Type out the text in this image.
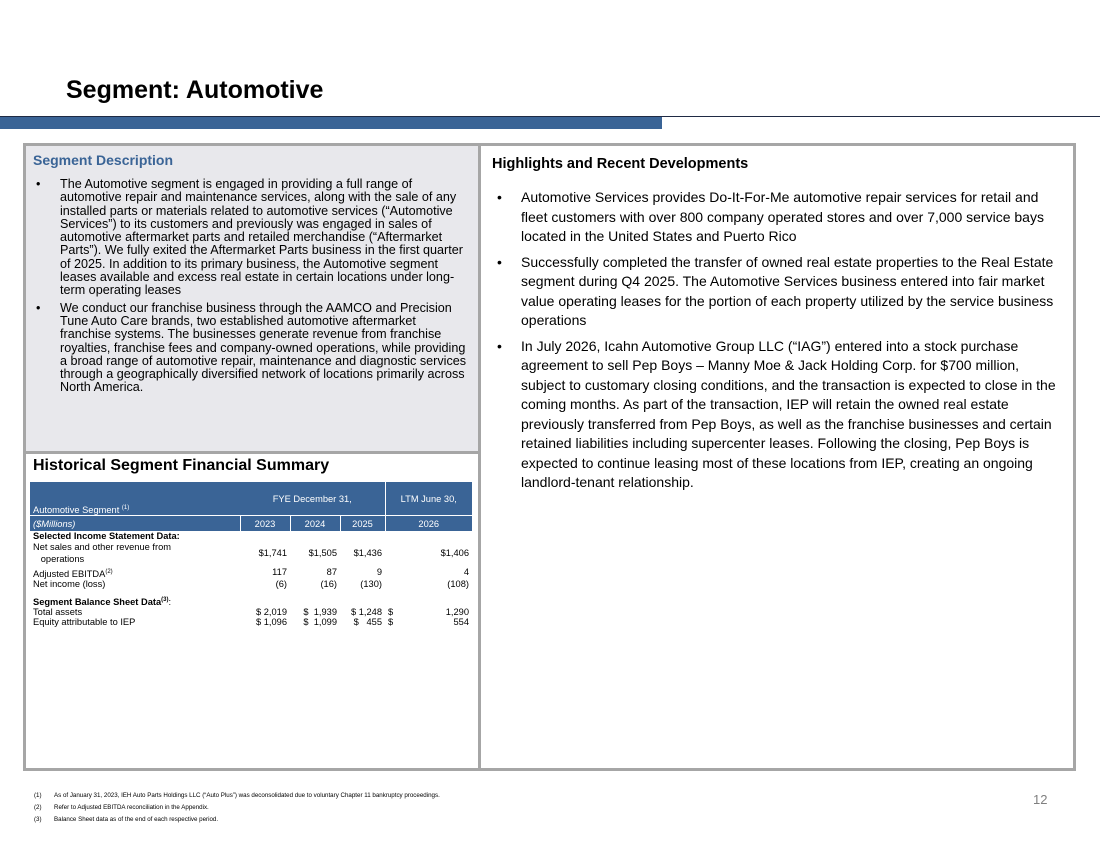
Segment: Automotive
Segment Description
• The Automotive segment is engaged in providing a full range of automotive repair and maintenance services, along with the sale of any installed parts or materials related to automotive services (“Automotive Services”) to its customers and previously was engaged in sales of automotive aftermarket parts and retailed merchandise (“Aftermarket Parts”). We fully exited the Aftermarket Parts business in the first quarter of 2025. In addition to its primary business, the Automotive segment leases available and excess real estate in certain locations under long-term operating leases
• We conduct our franchise business through the AAMCO and Precision Tune Auto Care brands, two established automotive aftermarket franchise systems. The businesses generate revenue from franchise royalties, franchise fees and company-owned operations, while providing a broad range of automotive repair, maintenance and diagnostic services through a geographically diversified network of locations primarily across North America.
Highlights and Recent Developments
• Automotive Services provides Do-It-For-Me automotive repair services for retail and fleet customers with over 800 company operated stores and over 7,000 service bays located in the United States and Puerto Rico
• Successfully completed the transfer of owned real estate properties to the Real Estate segment during Q4 2025. The Automotive Services business entered into fair market value operating leases for the portion of each property utilized by the service business operations
• In July 2026, Icahn Automotive Group LLC (“IAG”) entered into a stock purchase agreement to sell Pep Boys – Manny Moe & Jack Holding Corp. for $700 million, subject to customary closing conditions, and the transaction is expected to close in the coming months. As part of the transaction, IEP will retain the owned real estate previously transferred from Pep Boys, as well as the franchise businesses and certain retained liabilities including supercenter leases. Following the closing, Pep Boys is expected to continue leasing most of these locations from IEP, creating an ongoing landlord-tenant relationship.
Historical Segment Financial Summary
Automotive Segment $^{(1)}$	FYE December 31,			LTM June 30,	
($Millions)	2023	2024	2025	2026	
Selected Income Statement Data:					
Net sales and other revenue from
operations	$1,741	$1,505	$1,436		$1,406
Adjusted EBITDA$^{(2)}$	117	87	9		4
Net income (loss)	(6)	(16)	(130)		(108)
Segment Balance Sheet Data$^{(3)}$:					
Total assets	$ 2,019	$  1,939	$ 1,248	$	1,290
Equity attributable to IEP	$ 1,096	$  1,099	$   455	$	554
(1) As of January 31, 2023, IEH Auto Parts Holdings LLC (“Auto Plus”) was deconsolidated due to voluntary Chapter 11 bankruptcy proceedings.
(2) Refer to Adjusted EBITDA reconciliation in the Appendix.
(3) Balance Sheet data as of the end of each respective period.
12
